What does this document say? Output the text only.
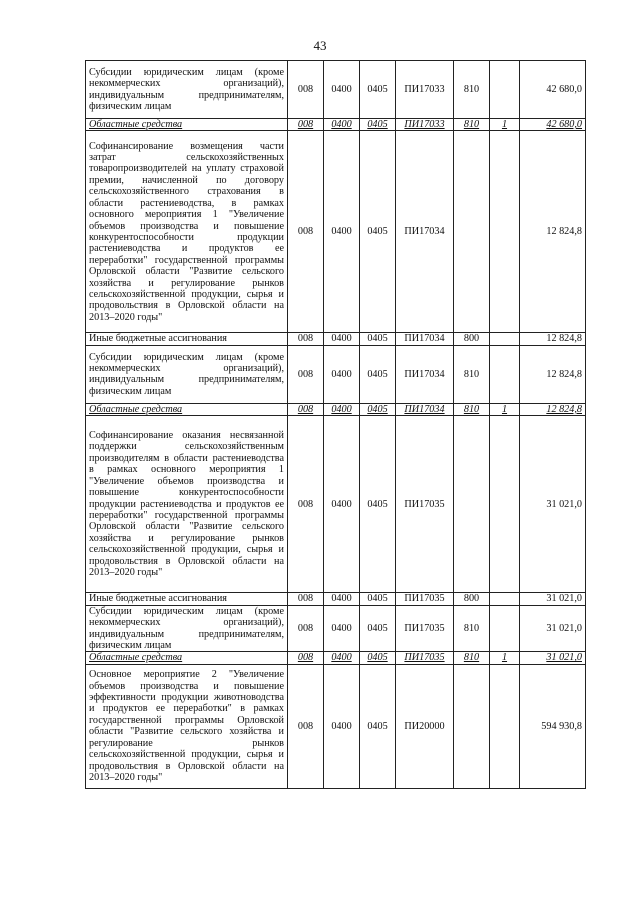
43
Субсидии юридическим лицам (кроме некоммерческих организаций), индивидуальным предпринимателям, физическим лицам	008	0400	0405	ПИ17033	810		42 680,0
Областные средства	008	0400	0405	ПИ17033	810	1	42 680,0
Софинансирование возмещения части затрат сельскохозяйственных товаропроизводителей на уплату страховой премии, начисленной по договору сельскохозяйственного страхования в области растениеводства, в рамках основного мероприятия 1 "Увеличение объемов производства и повышение конкурентоспособности продукции растениеводства и продуктов ее переработки" государственной программы Орловской области "Развитие сельского хозяйства и регулирование рынков сельскохозяйственной продукции, сырья и продовольствия в Орловской области на 2013–2020 годы"	008	0400	0405	ПИ17034			12 824,8
Иные бюджетные ассигнования	008	0400	0405	ПИ17034	800		12 824,8
Субсидии юридическим лицам (кроме некоммерческих организаций), индивидуальным предпринимателям, физическим лицам	008	0400	0405	ПИ17034	810		12 824,8
Областные средства	008	0400	0405	ПИ17034	810	1	12 824,8
Софинансирование оказания несвязанной поддержки сельскохозяйственным производителям в области растениеводства в рамках основного мероприятия 1 "Увеличение объемов производства и повышение конкурентоспособности продукции растениеводства и продуктов ее переработки" государственной программы Орловской области "Развитие сельского хозяйства и регулирование рынков сельскохозяйственной продукции, сырья и продовольствия в Орловской области на 2013–2020 годы"	008	0400	0405	ПИ17035			31 021,0
Иные бюджетные ассигнования	008	0400	0405	ПИ17035	800		31 021,0
Субсидии юридическим лицам (кроме некоммерческих организаций), индивидуальным предпринимателям, физическим лицам	008	0400	0405	ПИ17035	810		31 021,0
Областные средства	008	0400	0405	ПИ17035	810	1	31 021,0
Основное мероприятие 2 "Увеличение объемов производства и повышение эффективности продукции животноводства и продуктов ее переработки" в рамках государственной программы Орловской области "Развитие сельского хозяйства и регулирование рынков сельскохозяйственной продукции, сырья и продовольствия в Орловской области на 2013–2020 годы"	008	0400	0405	ПИ20000			594 930,8
